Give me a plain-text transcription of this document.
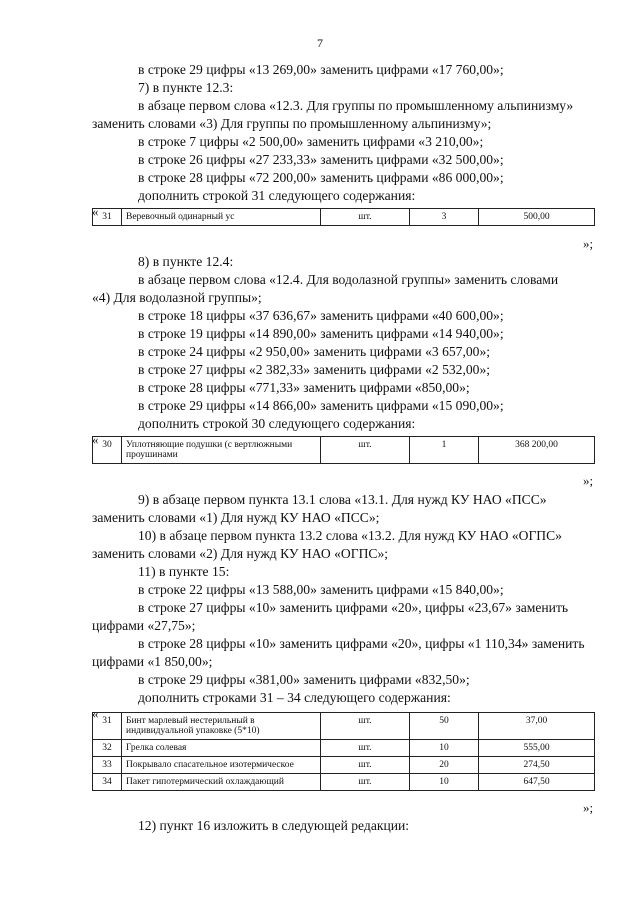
7
в строке 29 цифры «13 269,00» заменить цифрами «17 760,00»;
7) в пункте 12.3:
в абзаце первом слова «12.3. Для группы по промышленному альпинизму»
заменить словами «3) Для группы по промышленному альпинизму»;
в строке 7 цифры «2 500,00» заменить цифрами «3 210,00»;
в строке 26 цифры «27 233,33» заменить цифрами «32 500,00»;
в строке 28 цифры «72 200,00» заменить цифрами «86 000,00»;
дополнить строкой 31 следующего содержания:
« 31	Веревочный одинарный ус	шт.	3	500,00
»;
8) в пункте 12.4:
в абзаце первом слова «12.4. Для водолазной группы» заменить словами
«4) Для водолазной группы»;
в строке 18 цифры «37 636,67» заменить цифрами «40 600,00»;
в строке 19 цифры «14 890,00» заменить цифрами «14 940,00»;
в строке 24 цифры «2 950,00» заменить цифрами «3 657,00»;
в строке 27 цифры «2 382,33» заменить цифрами «2 532,00»;
в строке 28 цифры «771,33» заменить цифрами «850,00»;
в строке 29 цифры «14 866,00» заменить цифрами «15 090,00»;
дополнить строкой 30 следующего содержания:
« 30	Уплотняющие подушки (с вертлюжными проушинами	шт.	1	368 200,00
»;
9) в абзаце первом пункта 13.1 слова «13.1. Для нужд КУ НАО «ПСС»
заменить словами «1) Для нужд КУ НАО «ПСС»;
10) в абзаце первом пункта 13.2 слова «13.2. Для нужд КУ НАО «ОГПС»
заменить словами «2) Для нужд КУ НАО «ОГПС»;
11) в пункте 15:
в строке 22 цифры «13 588,00» заменить цифрами «15 840,00»;
в строке 27 цифры «10» заменить цифрами «20», цифры «23,67» заменить
цифрами «27,75»;
в строке 28 цифры «10» заменить цифрами «20», цифры «1 110,34» заменить
цифрами «1 850,00»;
в строке 29 цифры «381,00» заменить цифрами «832,50»;
дополнить строками 31 – 34 следующего содержания:
« 31	Бинт марлевый нестерильный в индивидуальной упаковке (5*10)	шт.	50	37,00
32	Грелка солевая	шт.	10	555,00
33	Покрывало спасательное изотермическое	шт.	20	274,50
34	Пакет гипотермический охлаждающий	шт.	10	647,50
»;
12) пункт 16 изложить в следующей редакции:
